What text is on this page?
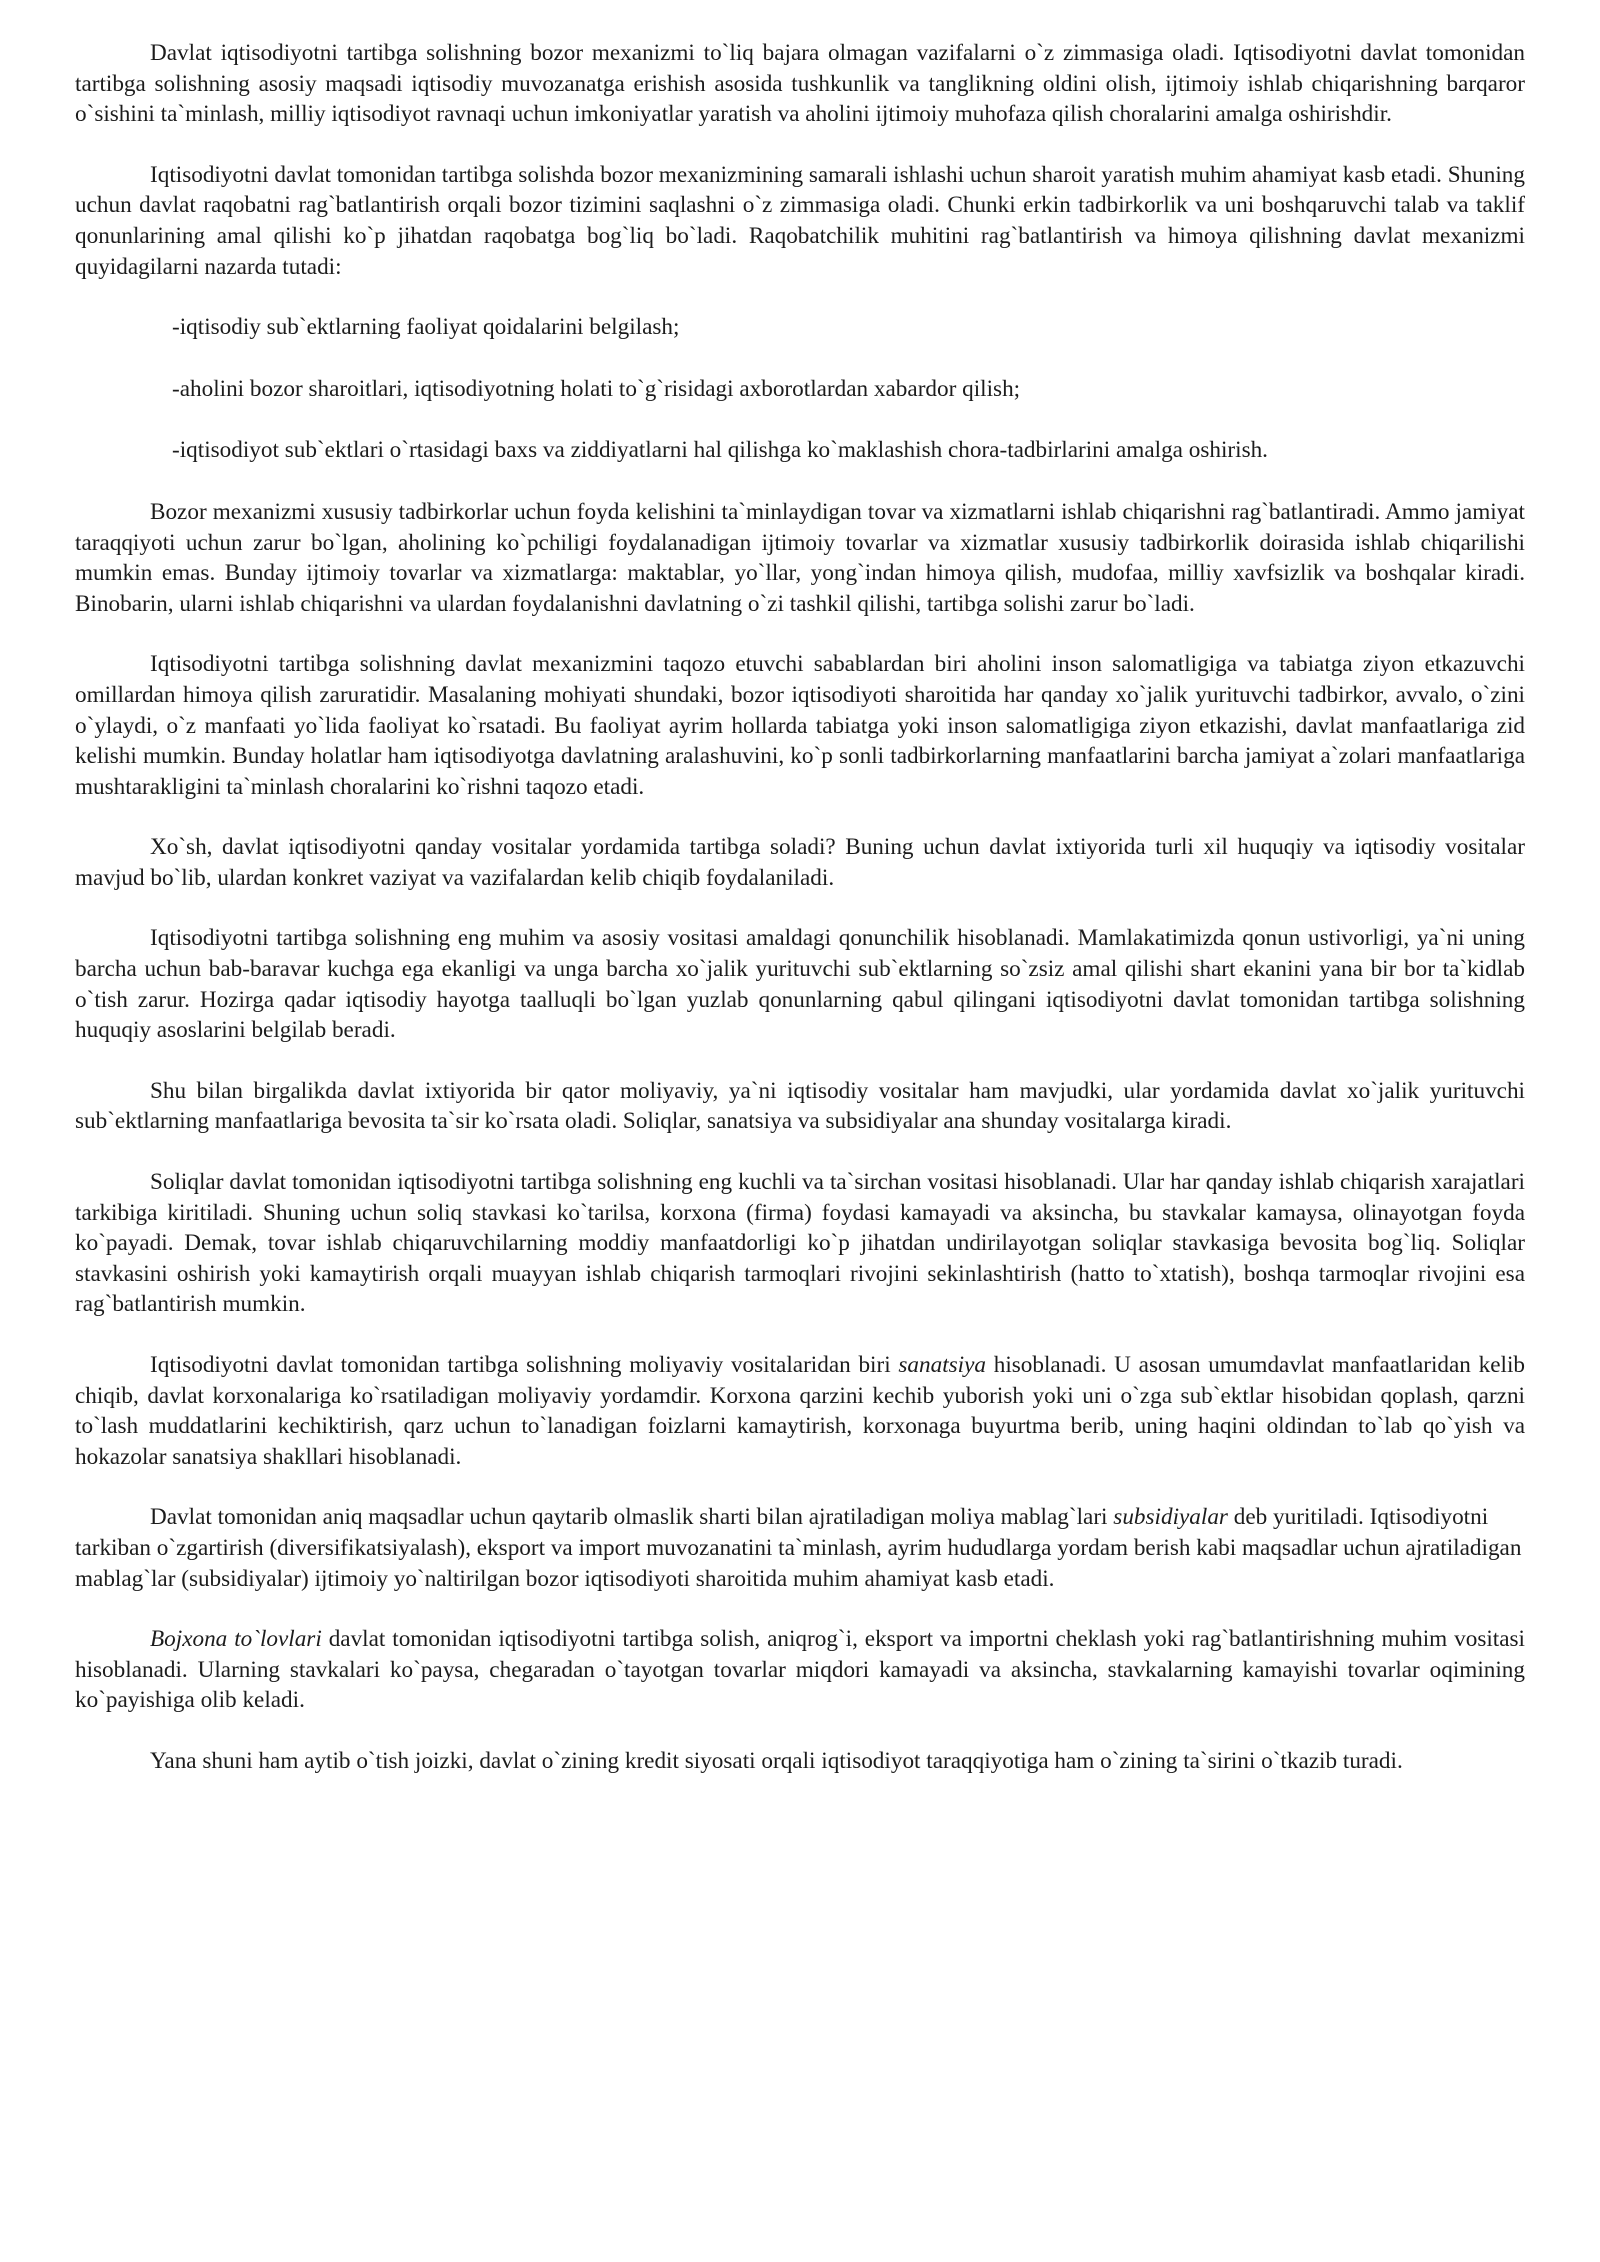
Davlat iqtisodiyotni tartibga solishning bozor mexanizmi to`liq bajara olmagan vazifalarni o`z zimmasiga oladi. Iqtisodiyotni davlat tomonidan tartibga solishning asosiy maqsadi iqtisodiy muvozanatga erishish asosida tushkunlik va tanglikning oldini olish, ijtimoiy ishlab chiqarishning barqaror o`sishini ta`minlash, milliy iqtisodiyot ravnaqi uchun imkoniyatlar yaratish va aholini ijtimoiy muhofaza qilish choralarini amalga oshirishdir.

Iqtisodiyotni davlat tomonidan tartibga solishda bozor mexanizmining samarali ishlashi uchun sharoit yaratish muhim ahamiyat kasb etadi. Shuning uchun davlat raqobatni rag`batlantirish orqali bozor tizimini saqlashni o`z zimmasiga oladi. Chunki erkin tadbirkorlik va uni boshqaruvchi talab va taklif qonunlarining amal qilishi ko`p jihatdan raqobatga bog`liq bo`ladi. Raqobatchilik muhitini rag`batlantirish va himoya qilishning davlat mexanizmi quyidagilarni nazarda tutadi:

-iqtisodiy sub`ektlarning faoliyat qoidalarini belgilash;

-aholini bozor sharoitlari, iqtisodiyotning holati to`g`risidagi axborotlardan xabardor qilish;

-iqtisodiyot sub`ektlari o`rtasidagi baxs va ziddiyatlarni hal qilishga ko`maklashish chora-tadbirlarini amalga oshirish.

Bozor mexanizmi xususiy tadbirkorlar uchun foyda kelishini ta`minlaydigan tovar va xizmatlarni ishlab chiqarishni rag`batlantiradi. Ammo jamiyat taraqqiyoti uchun zarur bo`lgan, aholining ko`pchiligi foydalanadigan ijtimoiy tovarlar va xizmatlar xususiy tadbirkorlik doirasida ishlab chiqarilishi mumkin emas. Bunday ijtimoiy tovarlar va xizmatlarga: maktablar, yo`llar, yong`indan himoya qilish, mudofaa, milliy xavfsizlik va boshqalar kiradi. Binobarin, ularni ishlab chiqarishni va ulardan foydalanishni davlatning o`zi tashkil qilishi, tartibga solishi zarur bo`ladi.

Iqtisodiyotni tartibga solishning davlat mexanizmini taqozo etuvchi sabablardan biri aholini inson salomatligiga va tabiatga ziyon etkazuvchi omillardan himoya qilish zaruratidir. Masalaning mohiyati shundaki, bozor iqtisodiyoti sharoitida har qanday xo`jalik yurituvchi tadbirkor, avvalo, o`zini o`ylaydi, o`z manfaati yo`lida faoliyat ko`rsatadi. Bu faoliyat ayrim hollarda tabiatga yoki inson salomatligiga ziyon etkazishi, davlat manfaatlariga zid kelishi mumkin. Bunday holatlar ham iqtisodiyotga davlatning aralashuvini, ko`p sonli tadbirkorlarning manfaatlarini barcha jamiyat a`zolari manfaatlariga mushtarakligini ta`minlash choralarini ko`rishni taqozo etadi.

Xo`sh, davlat iqtisodiyotni qanday vositalar yordamida tartibga soladi? Buning uchun davlat ixtiyorida turli xil huquqiy va iqtisodiy vositalar mavjud bo`lib, ulardan konkret vaziyat va vazifalardan kelib chiqib foydalaniladi.

Iqtisodiyotni tartibga solishning eng muhim va asosiy vositasi amaldagi qonunchilik hisoblanadi. Mamlakatimizda qonun ustivorligi, ya`ni uning barcha uchun bab-baravar kuchga ega ekanligi va unga barcha xo`jalik yurituvchi sub`ektlarning so`zsiz amal qilishi shart ekanini yana bir bor ta`kidlab o`tish zarur. Hozirga qadar iqtisodiy hayotga taalluqli bo`lgan yuzlab qonunlarning qabul qilingani iqtisodiyotni davlat tomonidan tartibga solishning huquqiy asoslarini belgilab beradi.

Shu bilan birgalikda davlat ixtiyorida bir qator moliyaviy, ya`ni iqtisodiy vositalar ham mavjudki, ular yordamida davlat xo`jalik yurituvchi sub`ektlarning manfaatlariga bevosita ta`sir ko`rsata oladi. Soliqlar, sanatsiya va subsidiyalar ana shunday vositalarga kiradi.

Soliqlar davlat tomonidan iqtisodiyotni tartibga solishning eng kuchli va ta`sirchan vositasi hisoblanadi. Ular har qanday ishlab chiqarish xarajatlari tarkibiga kiritiladi. Shuning uchun soliq stavkasi ko`tarilsa, korxona (firma) foydasi kamayadi va aksincha, bu stavkalar kamaysa, olinayotgan foyda ko`payadi. Demak, tovar ishlab chiqaruvchilarning moddiy manfaatdorligi ko`p jihatdan undirilayotgan soliqlar stavkasiga bevosita bog`liq. Soliqlar stavkasini oshirish yoki kamaytirish orqali muayyan ishlab chiqarish tarmoqlari rivojini sekinlashtirish (hatto to`xtatish), boshqa tarmoqlar rivojini esa rag`batlantirish mumkin.

Iqtisodiyotni davlat tomonidan tartibga solishning moliyaviy vositalaridan biri sanatsiya hisoblanadi. U asosan umumdavlat manfaatlaridan kelib chiqib, davlat korxonalariga ko`rsatiladigan moliyaviy yordamdir. Korxona qarzini kechib yuborish yoki uni o`zga sub`ektlar hisobidan qoplash, qarzni to`lash muddatlarini kechiktirish, qarz uchun to`lanadigan foizlarni kamaytirish, korxonaga buyurtma berib, uning haqini oldindan to`lab qo`yish va hokazolar sanatsiya shakllari hisoblanadi.

Davlat tomonidan aniq maqsadlar uchun qaytarib olmaslik sharti bilan ajratiladigan moliya mablag`lari subsidiyalar deb yuritiladi. Iqtisodiyotni tarkiban o`zgartirish (diversifikatsiyalash), eksport va import muvozanatini ta`minlash, ayrim hududlarga yordam berish kabi maqsadlar uchun ajratiladigan mablag`lar (subsidiyalar) ijtimoiy yo`naltirilgan bozor iqtisodiyoti sharoitida muhim ahamiyat kasb etadi.

Bojxona to`lovlari davlat tomonidan iqtisodiyotni tartibga solish, aniqrog`i, eksport va importni cheklash yoki rag`batlantirishning muhim vositasi hisoblanadi. Ularning stavkalari ko`paysa, chegaradan o`tayotgan tovarlar miqdori kamayadi va aksincha, stavkalarning kamayishi tovarlar oqimining ko`payishiga olib keladi.

Yana shuni ham aytib o`tish joizki, davlat o`zining kredit siyosati orqali iqtisodiyot taraqqiyotiga ham o`zining ta`sirini o`tkazib turadi.
